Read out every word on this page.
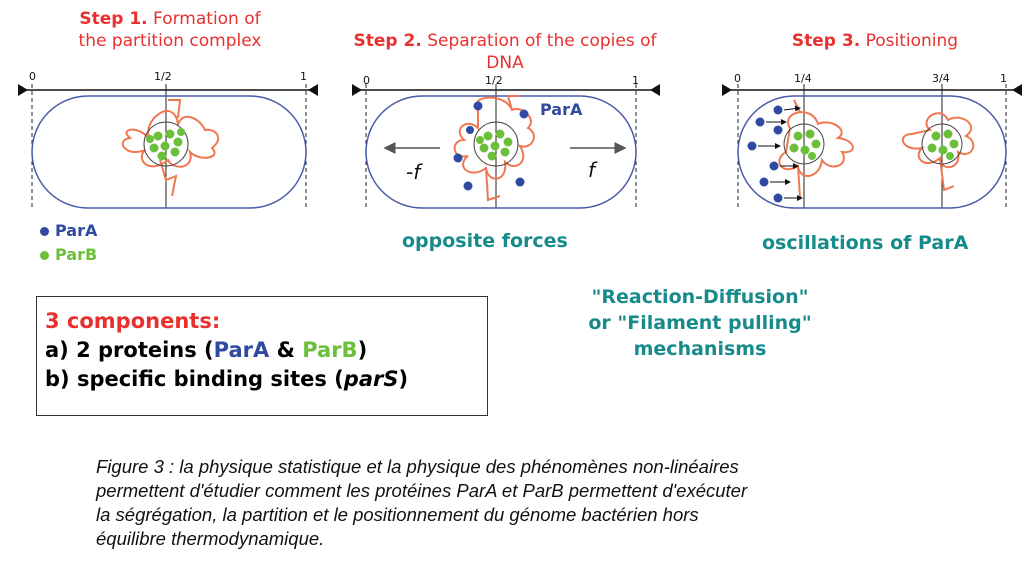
Step 1. Formation of
the partition complex	Step 2. Separation of the copies of
DNA
Step 3. Positioning
0	1/2	1	0	1/2	1	0	1/4	3/4	1
ParA
-f	f
ParA
ParB
opposite forces	oscillations of ParA
"Reaction-Diffusion"
or "Filament pulling"
mechanisms
3 components:
a) 2 proteins (ParA & ParB)
b) specific binding sites (parS)
Figure 3 : la physique statistique et la physique des phénomènes non-linéaires
permettent d'étudier comment les protéines ParA et ParB permettent d'exécuter
la ségrégation, la partition et le positionnement du génome bactérien hors
équilibre thermodynamique.
